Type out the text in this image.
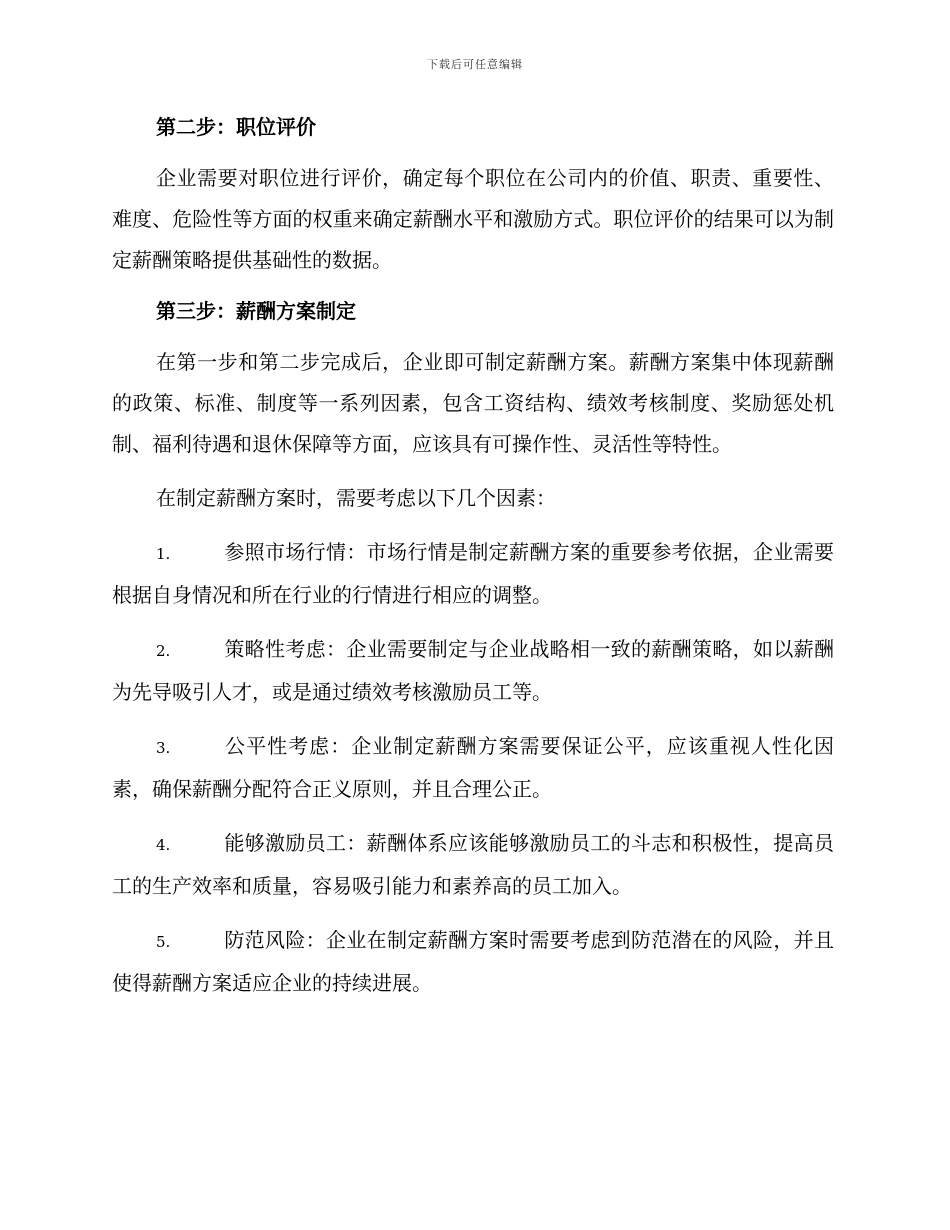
下载后可任意编辑
第二步：职位评价

企业需要对职位进行评价，确定每个职位在公司内的价值、职责、重要性、难度、危险性等方面的权重来确定薪酬水平和激励方式。职位评价的结果可以为制定薪酬策略提供基础性的数据。

第三步：薪酬方案制定

在第一步和第二步完成后，企业即可制定薪酬方案。薪酬方案集中体现薪酬的政策、标准、制度等一系列因素，包含工资结构、绩效考核制度、奖励惩处机制、福利待遇和退休保障等方面，应该具有可操作性、灵活性等特性。

在制定薪酬方案时，需要考虑以下几个因素：

1.	参照市场行情：市场行情是制定薪酬方案的重要参考依据，企业需要根据自身情况和所在行业的行情进行相应的调整。

2.	策略性考虑：企业需要制定与企业战略相一致的薪酬策略，如以薪酬为先导吸引人才，或是通过绩效考核激励员工等。

3.	公平性考虑：企业制定薪酬方案需要保证公平，应该重视人性化因素，确保薪酬分配符合正义原则，并且合理公正。

4.	能够激励员工：薪酬体系应该能够激励员工的斗志和积极性，提高员工的生产效率和质量，容易吸引能力和素养高的员工加入。

5.	防范风险：企业在制定薪酬方案时需要考虑到防范潜在的风险，并且使得薪酬方案适应企业的持续进展。
